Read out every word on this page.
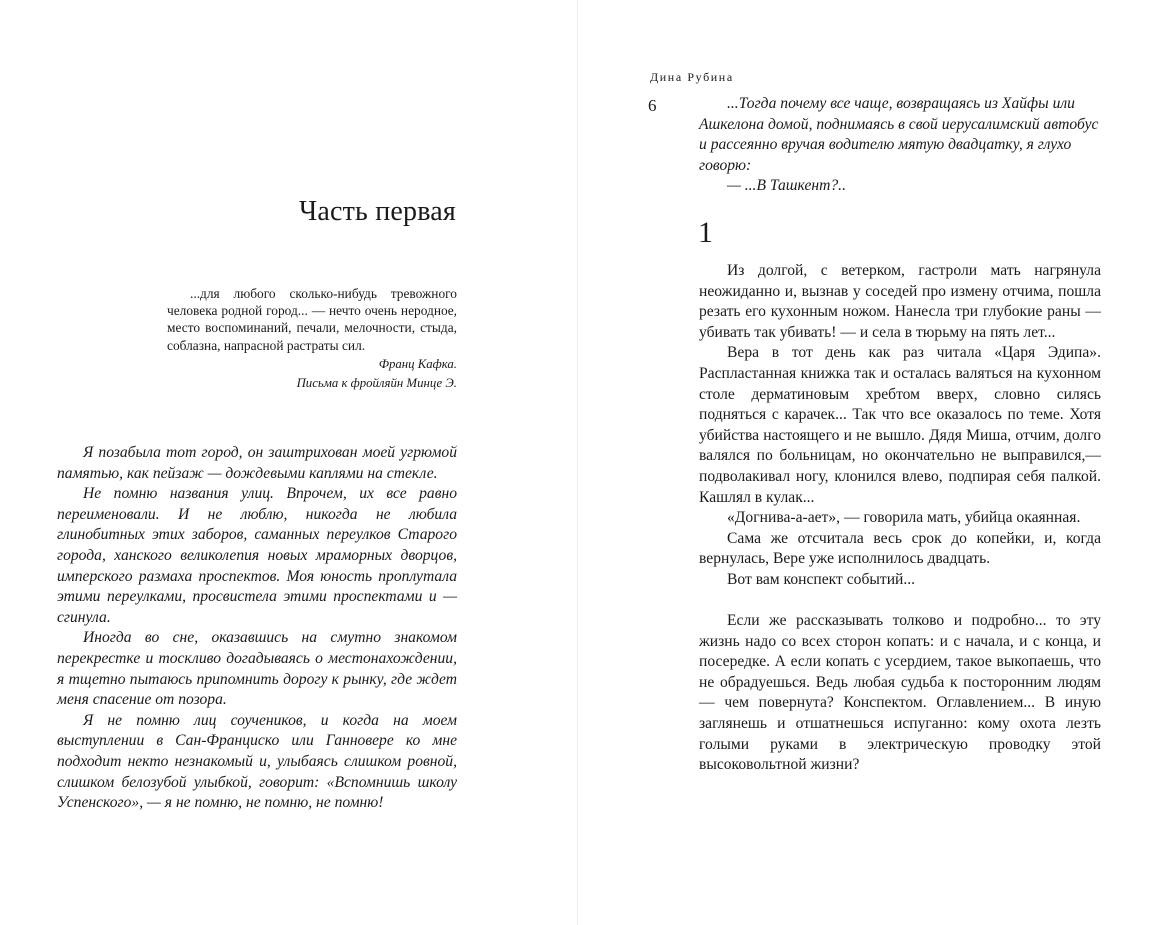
Часть первая

...для любого сколько-нибудь тревожного человека родной город... — нечто очень нероднoe, место воспоминаний, печали, мелочности, стыда, соблазна, напрасной растраты сил.

Франц Кафка.

Письма к фройляйн Минце Э.

Я позабыла тот город, он заштрихован моей угрюмой памятью, как пейзаж — дождевыми каплями на стекле.

Не помню названия улиц. Впрочем, их все равно переименовали. И не люблю, никогда не любила глинобитных этих заборов, саманных переулков Старого города, ханского великолепия новых мраморных дворцов, имперского размаха проспектов. Моя юность проплутала этими переулками, просвистела этими проспектами и — сгинула.

Иногда во сне, оказавшись на смутно знакомом перекрестке и тоскливо догадываясь о местонахождении, я тщетно пытаюсь припомнить дорогу к рынку, где ждет меня спасение от позора.

Я не помню лиц соучеников, и когда на моем выступлении в Сан-Франциско или Ганновере ко мне подходит некто незнакомый и, улыбаясь слишком ровной, слишком белозубой улыбкой, говорит: «Вспомнишь школу Успенского», — я не помню, не помню, не помню!

Дина Рубина

6	...Тогда почему все чаще, возвращаясь из Хайфы или Ашкелона домой, поднимаясь в свой иерусалимский автобус и рассеянно вручая водителю мятую двадцатку, я глухо говорю:

— ...В Ташкент?..

1

Из долгой, с ветерком, гастроли мать нагрянула неожиданно и, вызнав у соседей про измену отчима, пошла резать его кухонным ножом. Нанесла три глубокие раны — убивать так убивать! — и села в тюрьму на пять лет...

Вера в тот день как раз читала «Царя Эдипа». Распластанная книжка так и осталась валяться на кухонном столе дерматиновым хребтом вверх, словно силясь подняться с карачек... Так что все оказалось по теме. Хотя убийства настоящего и не вышло. Дядя Миша, отчим, долго валялся по больницам, но окончательно не выправился,— подволакивал ногу, клонился влево, подпирая себя палкой. Кашлял в кулак...

«Догнива-а-ает», — говорила мать, убийца окаянная.

Сама же отсчитала весь срок до копейки, и, когда вернулась, Вере уже исполнилось двадцать.

Вот вам конспект событий...

Если же рассказывать толково и подробно... то эту жизнь надо со всех сторон копать: и с начала, и с конца, и посередке. А если копать с усердием, такое выкопаешь, что не обрадуешься. Ведь любая судьба к посторонним людям — чем повернута? Конспектом. Оглавлением... В иную заглянешь и отшатнешься испуганно: кому охота лезть голыми руками в электрическую проводку этой высоковольтной жизни?
